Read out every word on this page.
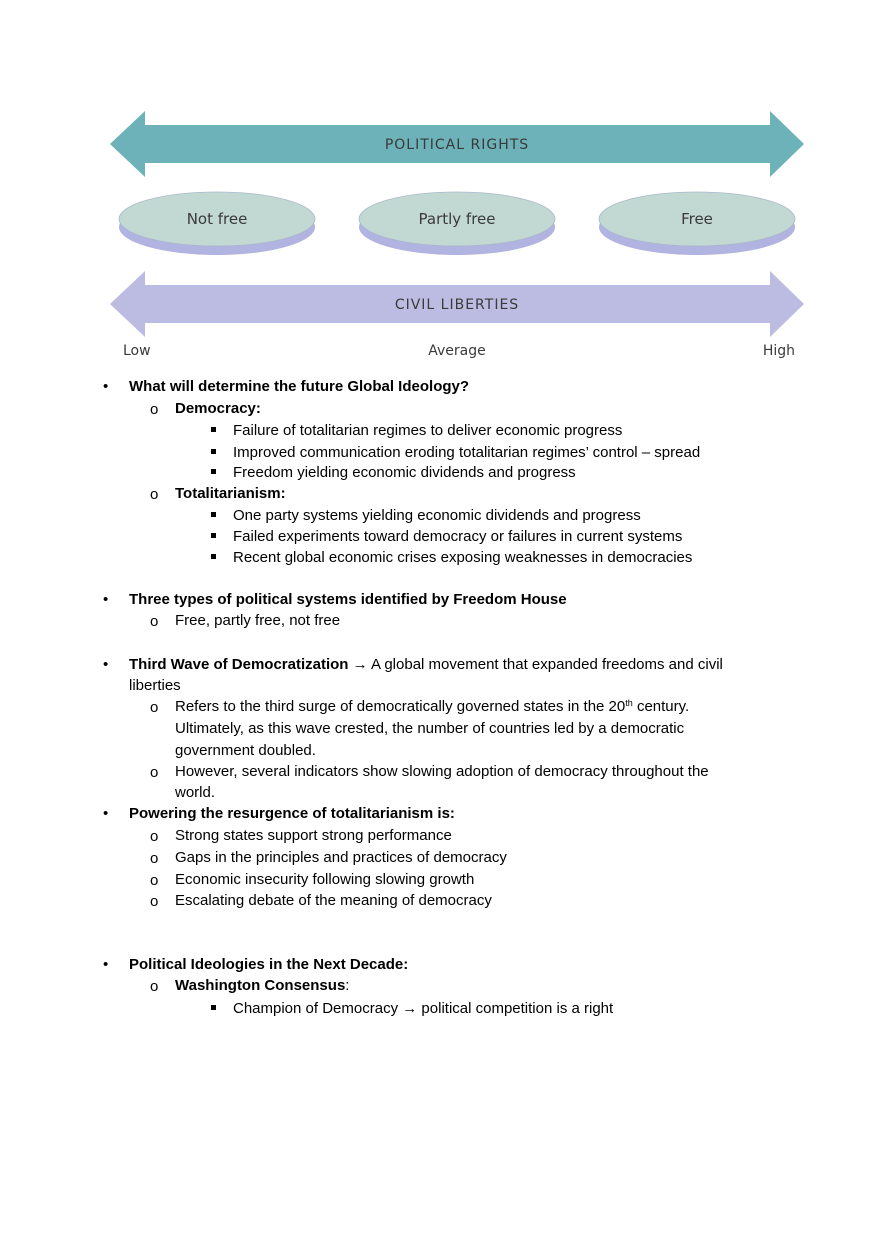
POLITICAL RIGHTS
Not free	Partly free	Free
CIVIL LIBERTIES
Low	Average	High
• What will determine the future Global Ideology?
o Democracy:
Failure of totalitarian regimes to deliver economic progress
Improved communication eroding totalitarian regimes’ control – spread
Freedom yielding economic dividends and progress
o Totalitarianism:
One party systems yielding economic dividends and progress
Failed experiments toward democracy or failures in current systems
Recent global economic crises exposing weaknesses in democracies
• Three types of political systems identified by Freedom House
o Free, partly free, not free
• Third Wave of Democratization → A global movement that expanded freedoms and civil
liberties
o Refers to the third surge of democratically governed states in the 20th century.
Ultimately, as this wave crested, the number of countries led by a democratic
government doubled.
o However, several indicators show slowing adoption of democracy throughout the
world.
• Powering the resurgence of totalitarianism is:
o Strong states support strong performance
o Gaps in the principles and practices of democracy
o Economic insecurity following slowing growth
o Escalating debate of the meaning of democracy
• Political Ideologies in the Next Decade:
o Washington Consensus:
Champion of Democracy → political competition is a right
